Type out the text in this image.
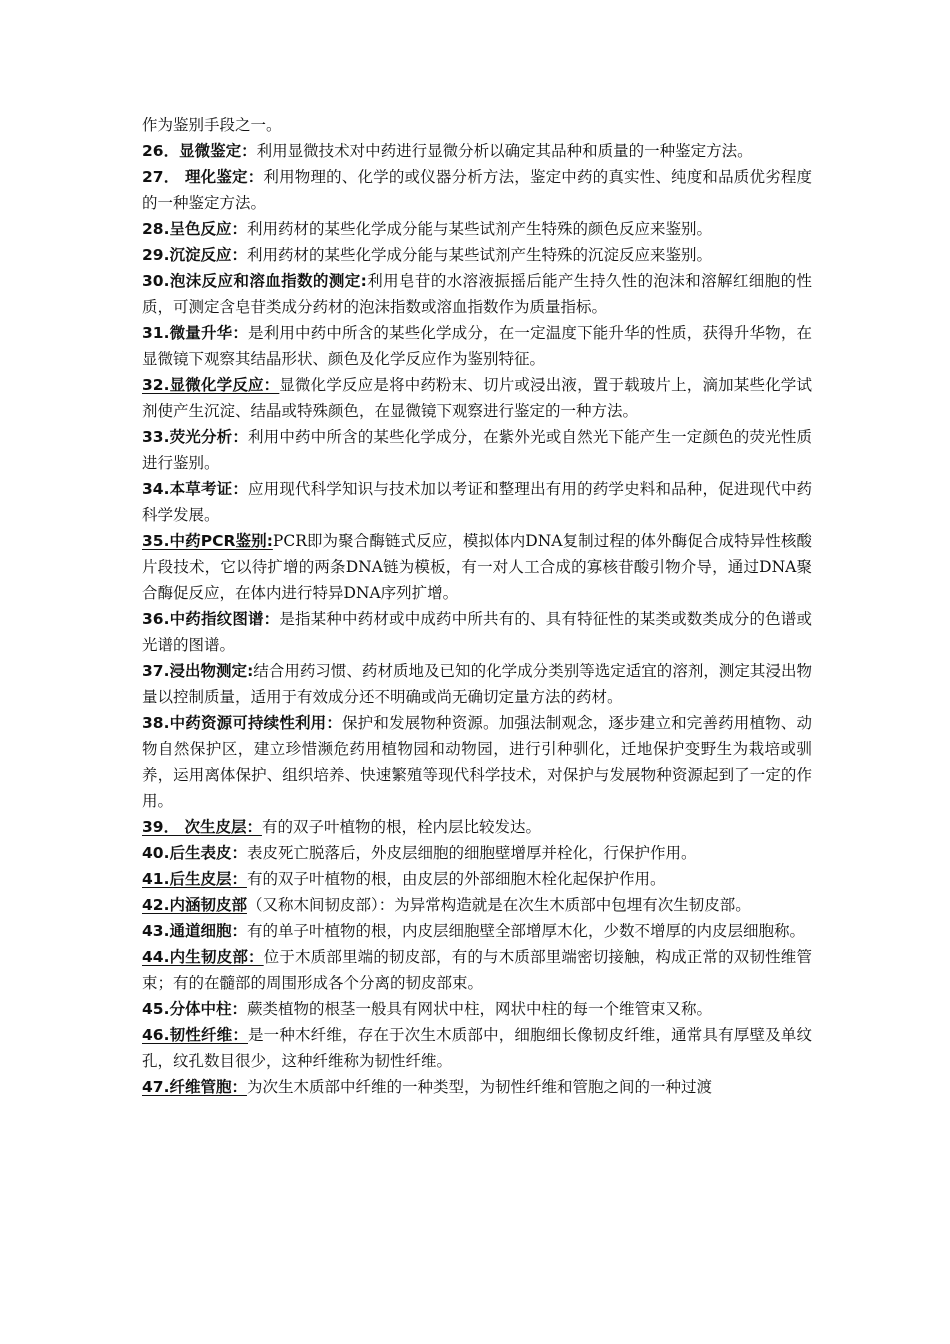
作为鉴别手段之一。

26．显微鉴定：利用显微技术对中药进行显微分析以确定其品种和质量的一种鉴定方法。

27． 理化鉴定：利用物理的、化学的或仪器分析方法，鉴定中药的真实性、纯度和品质优劣程度的一种鉴定方法。

28.呈色反应：利用药材的某些化学成分能与某些试剂产生特殊的颜色反应来鉴别。

29.沉淀反应：利用药材的某些化学成分能与某些试剂产生特殊的沉淀反应来鉴别。

30.泡沫反应和溶血指数的测定:利用皂苷的水溶液振摇后能产生持久性的泡沫和溶解红细胞的性质，可测定含皂苷类成分药材的泡沫指数或溶血指数作为质量指标。

31.微量升华：是利用中药中所含的某些化学成分，在一定温度下能升华的性质，获得升华物，在显微镜下观察其结晶形状、颜色及化学反应作为鉴别特征。

32.显微化学反应：显微化学反应是将中药粉末、切片或浸出液，置于载玻片上，滴加某些化学试剂使产生沉淀、结晶或特殊颜色，在显微镜下观察进行鉴定的一种方法。

33.荧光分析：利用中药中所含的某些化学成分，在紫外光或自然光下能产生一定颜色的荧光性质进行鉴别。

34.本草考证：应用现代科学知识与技术加以考证和整理出有用的药学史料和品种，促进现代中药科学发展。

35.中药PCR鉴别:PCR即为聚合酶链式反应，模拟体内DNA复制过程的体外酶促合成特异性核酸片段技术，它以待扩增的两条DNA链为模板，有一对人工合成的寡核苷酸引物介导，通过DNA聚合酶促反应，在体内进行特异DNA序列扩增。

36.中药指纹图谱：是指某种中药材或中成药中所共有的、具有特征性的某类或数类成分的色谱或光谱的图谱。

37.浸出物测定:结合用药习惯、药材质地及已知的化学成分类别等选定适宜的溶剂，测定其浸出物量以控制质量，适用于有效成分还不明确或尚无确切定量方法的药材。

38.中药资源可持续性利用：保护和发展物种资源。加强法制观念，逐步建立和完善药用植物、动物自然保护区，建立珍惜濒危药用植物园和动物园，进行引种驯化，迁地保护变野生为栽培或驯养，运用离体保护、组织培养、快速繁殖等现代科学技术，对保护与发展物种资源起到了一定的作用。

39． 次生皮层：有的双子叶植物的根，栓内层比较发达。

40.后生表皮：表皮死亡脱落后，外皮层细胞的细胞壁增厚并栓化，行保护作用。

41.后生皮层：有的双子叶植物的根，由皮层的外部细胞木栓化起保护作用。

42.内涵韧皮部（又称木间韧皮部）：为异常构造就是在次生木质部中包埋有次生韧皮部。

43.通道细胞：有的单子叶植物的根，内皮层细胞壁全部增厚木化，少数不增厚的内皮层细胞称。

44.内生韧皮部：位于木质部里端的韧皮部，有的与木质部里端密切接触，构成正常的双韧性维管束；有的在髓部的周围形成各个分离的韧皮部束。

45.分体中柱：蕨类植物的根茎一般具有网状中柱，网状中柱的每一个维管束又称。

46.韧性纤维：是一种木纤维，存在于次生木质部中，细胞细长像韧皮纤维，通常具有厚壁及单纹孔，纹孔数目很少，这种纤维称为韧性纤维。

47.纤维管胞：为次生木质部中纤维的一种类型，为韧性纤维和管胞之间的一种过渡
